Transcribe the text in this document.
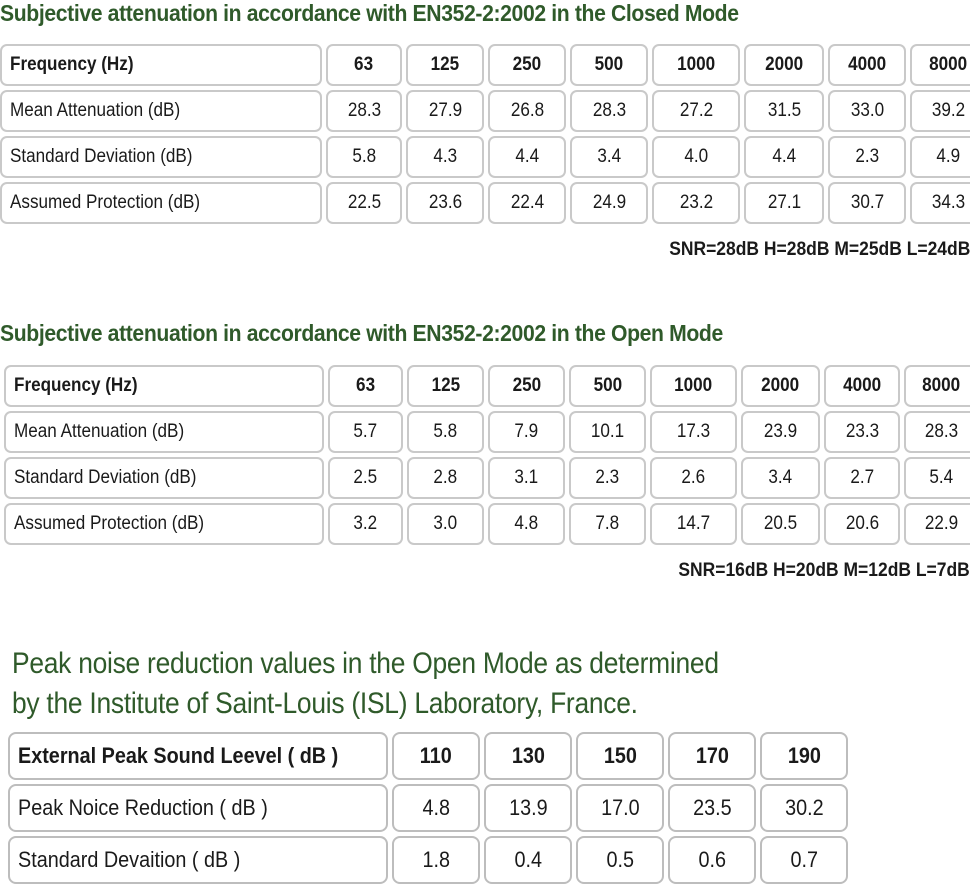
Subjective attenuation in accordance with EN352-2:2002 in the Closed Mode
Frequency (Hz)	63	125	250	500	1000	2000 4000 8000
Mean Attenuation (dB)	28.3	27.9	26.8	28.3	27.2	31.5	33.0	39.2
Standard Deviation (dB)	5.8	4.3	4.4	3.4	4.0	4.4	2.3	4.9
Assumed Protection (dB)	22.5	23.6	22.4	24.9	23.2	27.1	30.7	34.3

SNR=28dB H=28dB M=25dB L=24dB

Subjective attenuation in accordance with EN352-2:2002 in the Open Mode
Frequency (Hz)	63	125	250	500	1000	2000 4000 8000
Mean Attenuation (dB)	5.7	5.8	7.9	10.1	17.3	23.9	23.3 28.3
Standard Deviation (dB)	2.5	2.8	3.1	2.3	2.6	3.4	2.7	5.4
Assumed Protection (dB)	3.2	3.0	4.8	7.8	14.7	20.5	20.6 22.9

SNR=16dB H=20dB M=12dB L=7dB

Peak noise reduction values in the Open Mode as determined
by the Institute of Saint-Louis (ISL) Laboratory, France.
External Peak Sound Leevel ( dB )	110	130	150	170	190
Peak Noice Reduction ( dB )	4.8	13.9 17.0 23.5 30.2
Standard Devaition ( dB )	1.8	0.4	0.5	0.6	0.7
